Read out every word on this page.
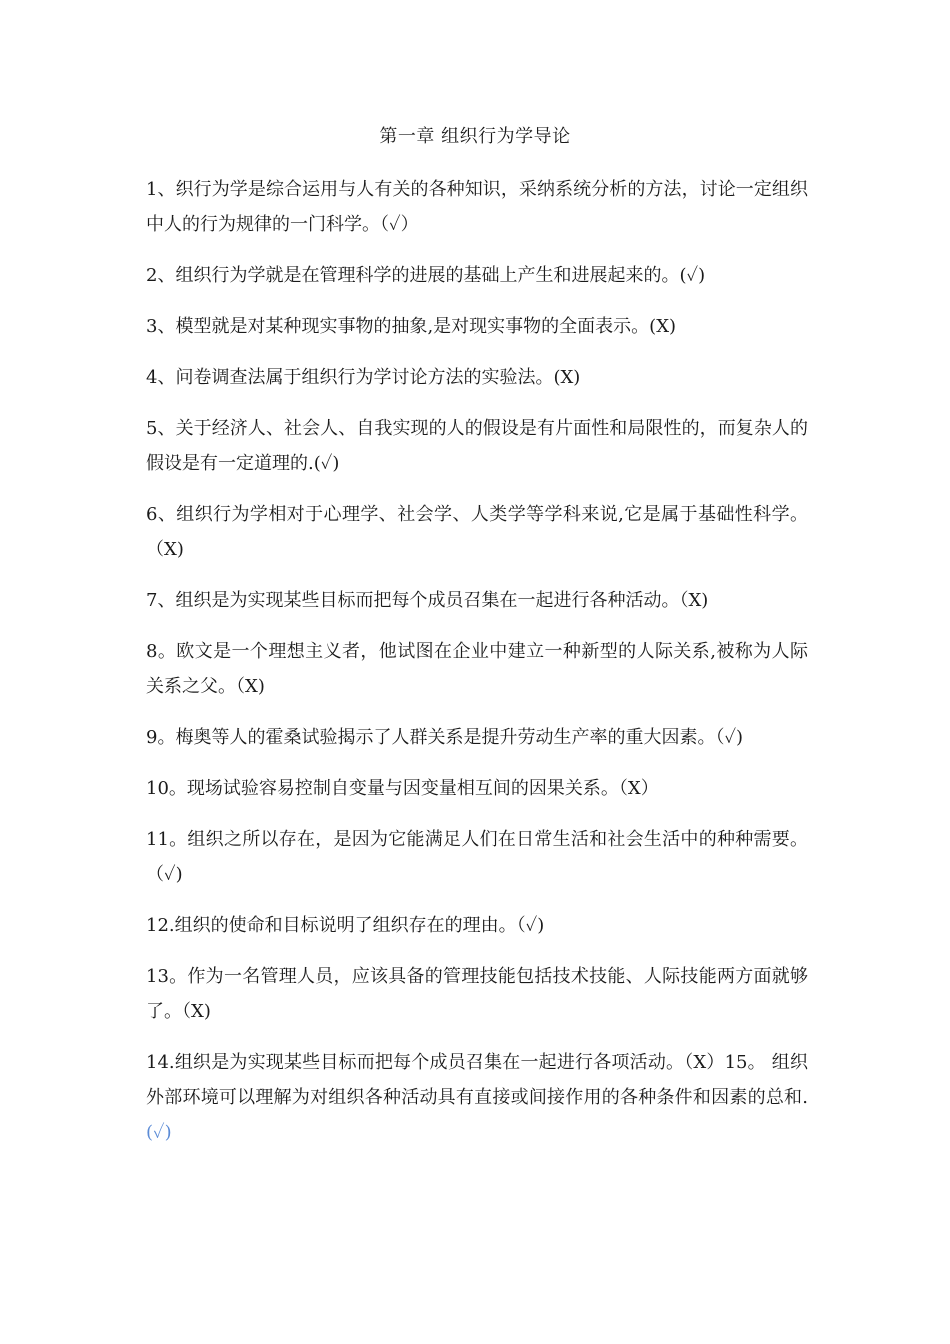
第一章 组织行为学导论

1、织行为学是综合运用与人有关的各种知识，采纳系统分析的方法，讨论一定组织中人的行为规律的一门科学。（✓）

2、组织行为学就是在管理科学的进展的基础上产生和进展起来的。(✓)

3、模型就是对某种现实事物的抽象,是对现实事物的全面表示。(X)

4、问卷调查法属于组织行为学讨论方法的实验法。(X)

5、关于经济人、社会人、自我实现的人的假设是有片面性和局限性的，而复杂人的假设是有一定道理的.(✓)

6、组织行为学相对于心理学、社会学、人类学等学科来说,它是属于基础性科学。（X)

7、组织是为实现某些目标而把每个成员召集在一起进行各种活动。（X)

8。欧文是一个理想主义者，他试图在企业中建立一种新型的人际关系,被称为人际关系之父。（X)

9。梅奥等人的霍桑试验揭示了人群关系是提升劳动生产率的重大因素。（✓)

10。现场试验容易控制自变量与因变量相互间的因果关系。（X）

11。组织之所以存在，是因为它能满足人们在日常生活和社会生活中的种种需要。（✓)

12.组织的使命和目标说明了组织存在的理由。（✓)

13。作为一名管理人员，应该具备的管理技能包括技术技能、人际技能两方面就够了。（X)

14.组织是为实现某些目标而把每个成员召集在一起进行各项活动。（X）15。 组织外部环境可以理解为对组织各种活动具有直接或间接作用的各种条件和因素的总和.(✓)
